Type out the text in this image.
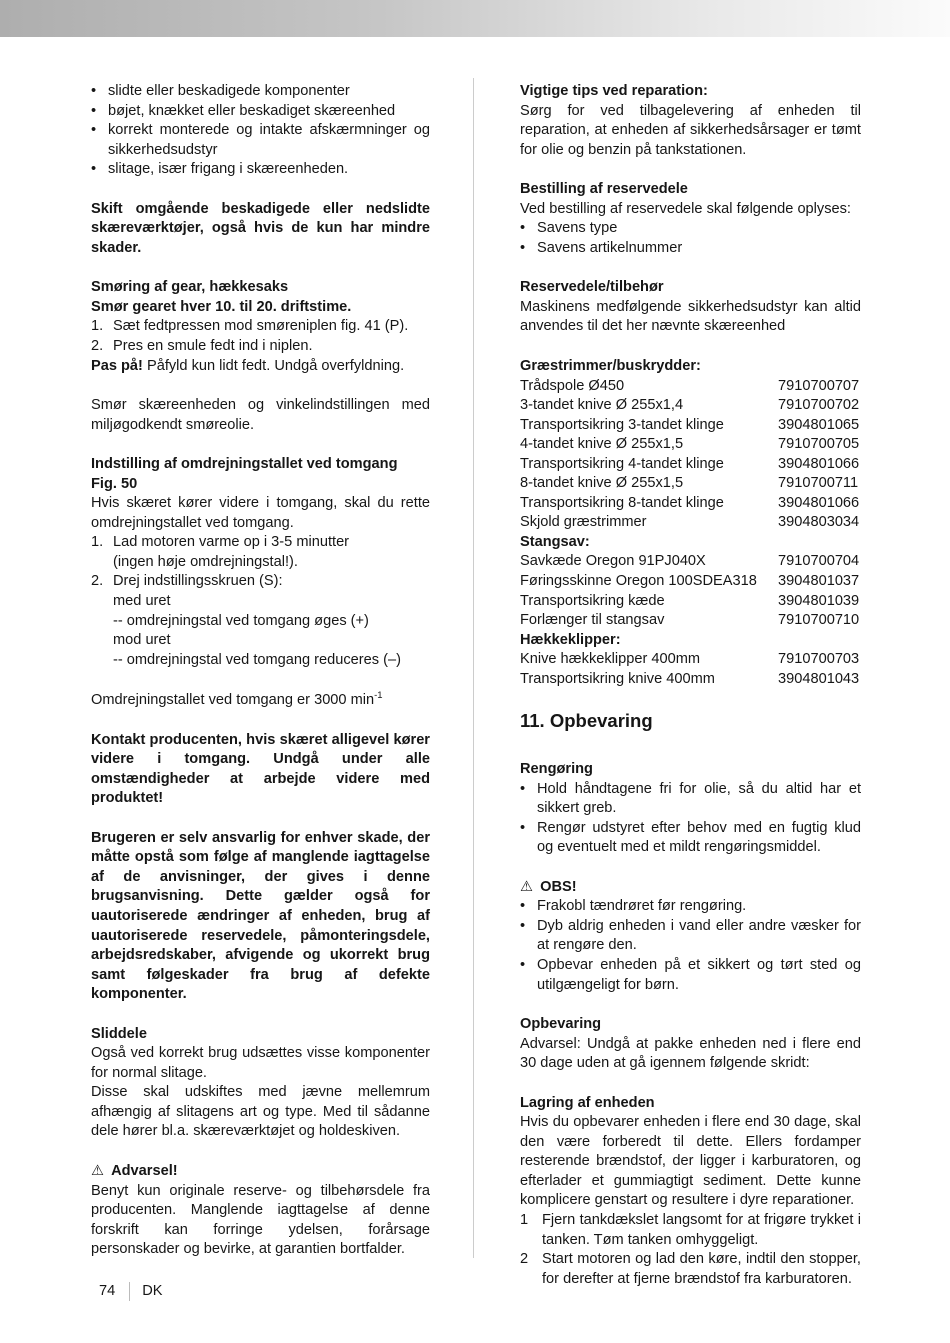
• slidte eller beskadigede komponenter
• bøjet, knækket eller beskadiget skæreenhed
• korrekt monterede og intakte afskærmninger og sikkerhedsudstyr
• slitage, især frigang i skæreenheden.
Skift omgående beskadigede eller nedslidte skæreværktøjer, også hvis de kun har mindre skader.
Smøring af gear, hækkesaks
Smør gearet hver 10. til 20. driftstime.
1. Sæt fedtpressen mod smøreniplen fig. 41 (P).
2. Pres en smule fedt ind i niplen.
Pas på! Påfyld kun lidt fedt. Undgå overfyldning.
Smør skæreenheden og vinkelindstillingen med miljøgodkendt smøreolie.
Indstilling af omdrejningstallet ved tomgang
Fig. 50
Hvis skæret kører videre i tomgang, skal du rette omdrejningstallet ved tomgang.
1. Lad motoren varme op i 3-5 minutter
(ingen høje omdrejningstal!).
2. Drej indstillingsskruen (S):
med uret
-- omdrejningstal ved tomgang øges (+)
mod uret
-- omdrejningstal ved tomgang reduceres (–)
Omdrejningstallet ved tomgang er 3000 $\min^{-1}$
Kontakt producenten, hvis skæret alligevel kører videre i tomgang. Undgå under alle omstændigheder at arbejde videre med produktet!
Brugeren er selv ansvarlig for enhver skade, der måtte opstå som følge af manglende iagttagelse af de anvisninger, der gives i denne brugsanvisning. Dette gælder også for uautoriserede ændringer af enheden, brug af uautoriserede reservedele, påmonteringsdele, arbejdsredskaber, afvigende og ukorrekt brug samt følgeskader fra brug af defekte komponenter.
Sliddele
Også ved korrekt brug udsættes visse komponenter for normal slitage.
Disse skal udskiftes med jævne mellemrum afhængig af slitagens art og type. Med til sådanne dele hører bl.a. skæreværktøjet og holdeskiven.
⚠ Advarsel!
Benyt kun originale reserve- og tilbehørsdele fra producenten. Manglende iagttagelse af denne forskrift kan forringe ydelsen, forårsage personskader og bevirke, at garantien bortfalder.
Vigtige tips ved reparation:
Sørg for ved tilbagelevering af enheden til reparation, at enheden af sikkerhedsårsager er tømt for olie og benzin på tankstationen.
Bestilling af reservedele
Ved bestilling af reservedele skal følgende oplyses:
• Savens type
• Savens artikelnummer
Reservedele/tilbehør
Maskinens medfølgende sikkerhedsudstyr kan altid anvendes til det her nævnte skæreenhed
Græstrimmer/buskrydder:
Trådspole Ø450	7910700707
3-tandet knive Ø 255x1,4	7910700702
Transportsikring 3-tandet klinge	3904801065
4-tandet knive Ø 255x1,5	7910700705
Transportsikring 4-tandet klinge	3904801066
8-tandet knive Ø 255x1,5	7910700711
Transportsikring 8-tandet klinge	3904801066
Skjold græstrimmer	3904803034
Stangsav:
Savkæde Oregon 91PJ040X	7910700704
Føringsskinne Oregon 100SDEA318	3904801037
Transportsikring kæde	3904801039
Forlænger til stangsav	7910700710
Hækkeklipper:
Knive hækkeklipper 400mm	7910700703
Transportsikring knive 400mm	3904801043
11. Opbevaring
Rengøring
• Hold håndtagene fri for olie, så du altid har et sikkert greb.
• Rengør udstyret efter behov med en fugtig klud og eventuelt med et mildt rengøringsmiddel.
⚠ OBS!
• Frakobl tændrøret før rengøring.
• Dyb aldrig enheden i vand eller andre væsker for at rengøre den.
• Opbevar enheden på et sikkert og tørt sted og utilgængeligt for børn.
Opbevaring
Advarsel: Undgå at pakke enheden ned i flere end 30 dage uden at gå igennem følgende skridt:
Lagring af enheden
Hvis du opbevarer enheden i flere end 30 dage, skal den være forberedt til dette. Ellers fordamper resterende brændstof, der ligger i karburatoren, og efterlader et gummiagtigt sediment. Dette kunne komplicere genstart og resultere i dyre reparationer.
1 Fjern tankdækslet langsomt for at frigøre trykket i tanken. Tøm tanken omhyggeligt.
2 Start motoren og lad den køre, indtil den stopper, for derefter at fjerne brændstof fra karburatoren.
74 DK
